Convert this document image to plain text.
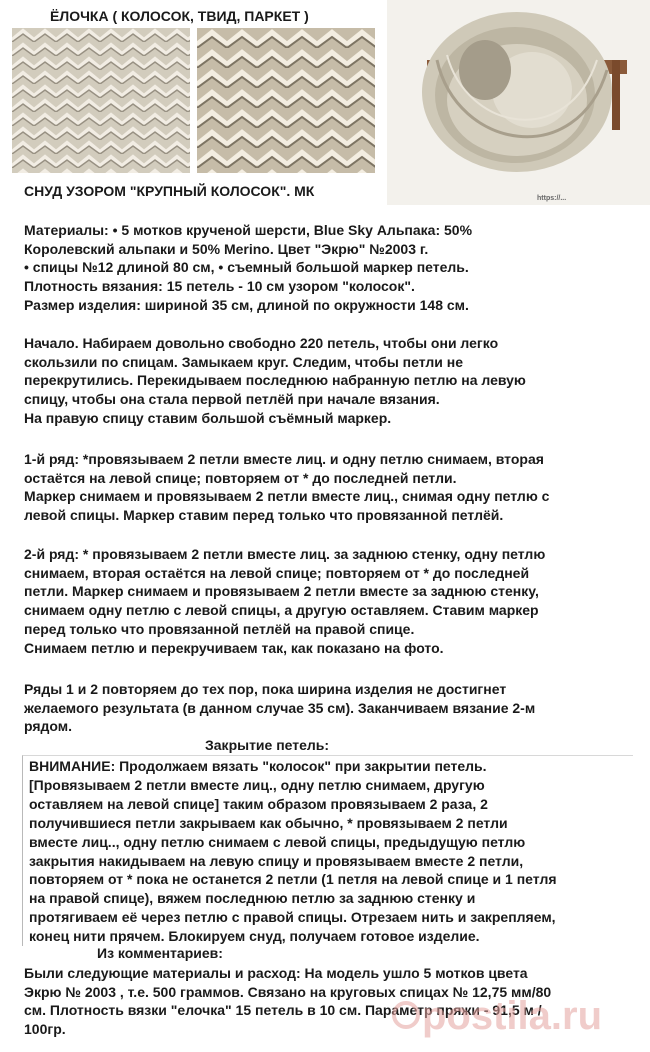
ЁЛОЧКА ( КОЛОСОК, ТВИД, ПАРКЕТ )
https://...
СНУД УЗОРОМ "КРУПНЫЙ КОЛОСОК". МК
Материалы: • 5 мотков крученой шерсти, Blue Sky Альпака: 50%
Королевский альпаки и 50% Merino. Цвет "Экрю" №2003 г.
• спицы №12 длиной 80 см, • съемный большой маркер петель.
Плотность вязания: 15 петель - 10 см узором "колосок".
Размер изделия: шириной 35 см, длиной по окружности 148 см.
Начало. Набираем довольно свободно 220 петель, чтобы они легко
скользили по спицам. Замыкаем круг. Следим, чтобы петли не
перекрутились. Перекидываем последнюю набранную петлю на левую
спицу, чтобы она стала первой петлёй при начале вязания.
На правую спицу ставим большой съёмный маркер.
1-й ряд: *провязываем 2 петли вместе лиц. и одну петлю снимаем, вторая
остаётся на левой спице; повторяем от * до последней петли.
Маркер снимаем и провязываем 2 петли вместе лиц., снимая одну петлю с
левой спицы. Маркер ставим перед только что провязанной петлёй.
2-й ряд: * провязываем 2 петли вместе лиц. за заднюю стенку, одну петлю
снимаем, вторая остаётся на левой спице; повторяем от * до последней
петли. Маркер снимаем и провязываем 2 петли вместе за заднюю стенку,
снимаем одну петлю с левой спицы, а другую оставляем. Ставим маркер
перед только что провязанной петлёй на правой спице.
Снимаем петлю и перекручиваем так, как показано на фото.
Ряды 1 и 2 повторяем до тех пор, пока ширина изделия не достигнет
желаемого результата (в данном случае 35 см). Заканчиваем вязание 2-м
рядом.
Закрытие петель:
ВНИМАНИЕ: Продолжаем вязать "колосок" при закрытии петель.
[Провязываем 2 петли вместе лиц., одну петлю снимаем, другую
оставляем на левой спице] таким образом провязываем 2 раза, 2
получившиеся петли закрываем как обычно, * провязываем 2 петли
вместе лиц.., одну петлю снимаем с левой спицы, предыдущую петлю
закрытия накидываем на левую спицу и провязываем вместе 2 петли,
повторяем от * пока не останется 2 петли (1 петля на левой спице и 1 петля
на правой спице), вяжем последнюю петлю за заднюю стенку и
протягиваем её через петлю с правой спицы. Отрезаем нить и закрепляем,
конец нити прячем. Блокируем снуд, получаем готовое изделие.
Из комментариев:
Были следующие материалы и расход: На модель ушло 5 мотков цвета
Экрю № 2003 , т.е. 500 граммов. Связано на круговых спицах № 12,75 мм/80
см. Плотность вязки "елочка" 15 петель в 10 см. Параметр пряжи - 91,5 м /
100гр.	postila.ru
